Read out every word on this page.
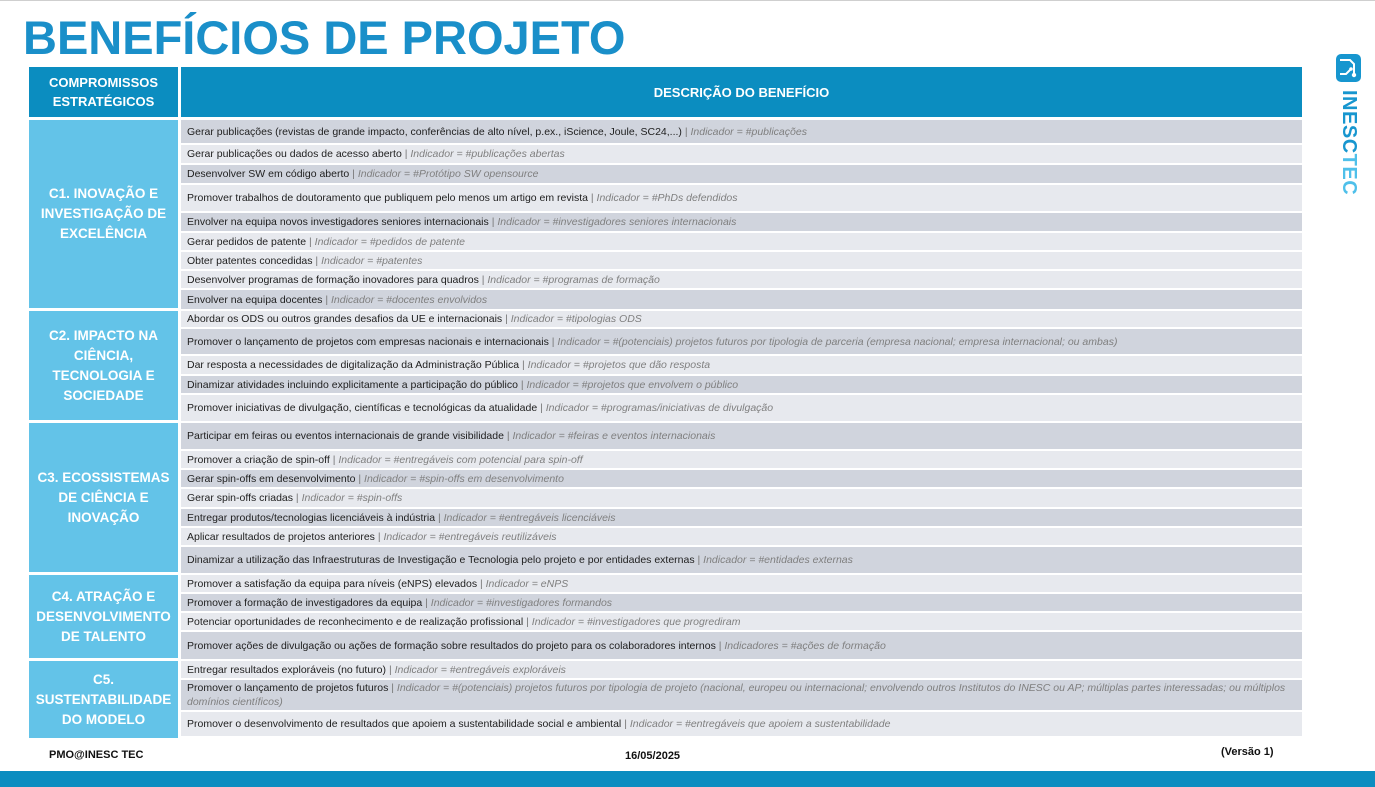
BENEFÍCIOS DE PROJETO
INESCTEC
COMPROMISSOS ESTRATÉGICOS
DESCRIÇÃO DO BENEFÍCIO
C1. INOVAÇÃO E INVESTIGAÇÃO DE EXCELÊNCIA
C2. IMPACTO NA CIÊNCIA, TECNOLOGIA E SOCIEDADE
C3. ECOSSISTEMAS DE CIÊNCIA E INOVAÇÃO
C4. ATRAÇÃO E DESENVOLVIMENTO DE TALENTO
C5. SUSTENTABILIDADE DO MODELO
Gerar publicações (revistas de grande impacto, conferências de alto nível, p.ex., iScience, Joule, SC24,...) | Indicador = #publicações
Gerar publicações ou dados de acesso aberto | Indicador = #publicações abertas
Desenvolver SW em código aberto | Indicador = #Protótipo SW opensource
Promover trabalhos de doutoramento que publiquem pelo menos um artigo em revista | Indicador = #PhDs defendidos
Envolver na equipa novos investigadores seniores internacionais | Indicador = #investigadores seniores internacionais
Gerar pedidos de patente | Indicador = #pedidos de patente
Obter patentes concedidas | Indicador = #patentes
Desenvolver programas de formação inovadores para quadros | Indicador = #programas de formação
Envolver na equipa docentes | Indicador = #docentes envolvidos
Abordar os ODS ou outros grandes desafios da UE e internacionais | Indicador = #tipologias ODS
Promover o lançamento de projetos com empresas nacionais e internacionais | Indicador = #(potenciais) projetos futuros por tipologia de parceria (empresa nacional; empresa internacional; ou ambas)
Dar resposta a necessidades de digitalização da Administração Pública | Indicador = #projetos que dão resposta
Dinamizar atividades incluindo explicitamente a participação do público | Indicador = #projetos que envolvem o público
Promover iniciativas de divulgação, científicas e tecnológicas da atualidade | Indicador = #programas/iniciativas de divulgação
Participar em feiras ou eventos internacionais de grande visibilidade | Indicador = #feiras e eventos internacionais
Promover a criação de spin-off | Indicador = #entregáveis com potencial para spin-off
Gerar spin-offs em desenvolvimento | Indicador = #spin-offs em desenvolvimento
Gerar spin-offs criadas | Indicador = #spin-offs
Entregar produtos/tecnologias licenciáveis à indústria | Indicador = #entregáveis licenciáveis
Aplicar resultados de projetos anteriores | Indicador = #entregáveis reutilizáveis
Dinamizar a utilização das Infraestruturas de Investigação e Tecnologia pelo projeto e por entidades externas | Indicador = #entidades externas
Promover a satisfação da equipa para níveis (eNPS) elevados | Indicador = eNPS
Promover a formação de investigadores da equipa | Indicador = #investigadores formandos
Potenciar oportunidades de reconhecimento e de realização profissional | Indicador = #investigadores que progrediram
Promover ações de divulgação ou ações de formação sobre resultados do projeto para os colaboradores internos | Indicadores = #ações de formação
Entregar resultados exploráveis (no futuro) | Indicador = #entregáveis exploráveis
Promover o lançamento de projetos futuros | Indicador = #(potenciais) projetos futuros por tipologia de projeto (nacional, europeu ou internacional; envolvendo outros Institutos do INESC ou AP; múltiplas partes interessadas; ou múltiplos domínios científicos)
Promover o desenvolvimento de resultados que apoiem a sustentabilidade social e ambiental | Indicador = #entregáveis que apoiem a sustentabilidade
PMO@INESC TEC	16/05/2025	(Versão 1)
